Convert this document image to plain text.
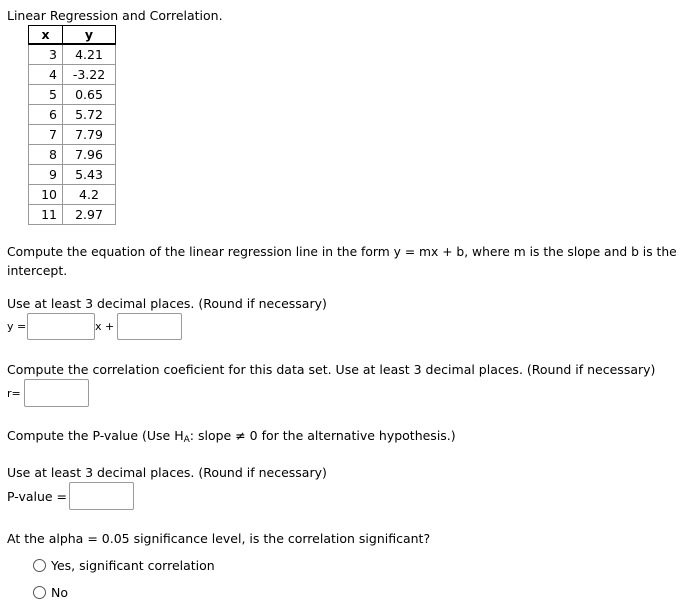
Linear Regression and Correlation.
x	y
3	4.21
4	-3.22
5	0.65
6	5.72
7	7.79
8	7.96
9	5.43
10	4.2
11	2.97
Compute the equation of the linear regression line in the form y = mx + b, where m is the slope and b is the
intercept.
Use at least 3 decimal places. (Round if necessary)
y =	x +
Compute the correlation coeficient for this data set. Use at least 3 decimal places. (Round if necessary)
r=
Compute the P-value (Use $H_A$: slope ≠ 0 for the alternative hypothesis.)
Use at least 3 decimal places. (Round if necessary)
P-value =
At the alpha = 0.05 significance level, is the correlation significant?
Yes, significant correlation
No
